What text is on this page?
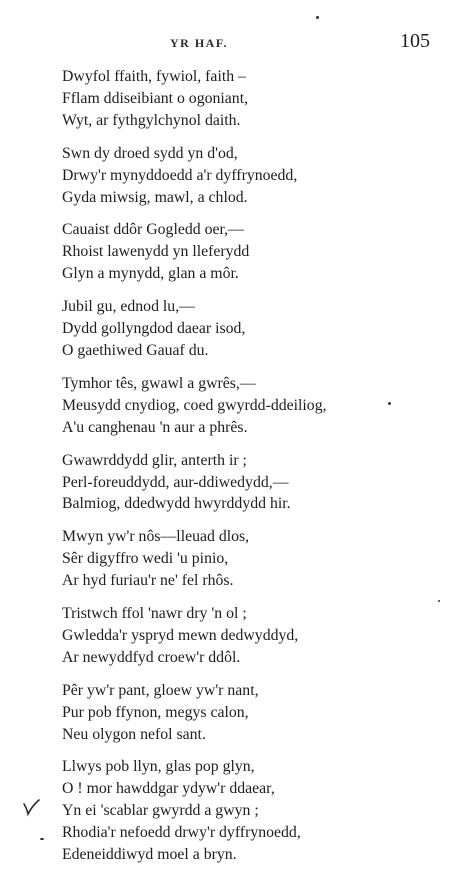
YR HAF.	105
Dwyfol ffaith, fywiol, faith –
Fflam ddiseibiant o ogoniant,
Wyt, ar fythgylchynol daith.
Swn dy droed sydd yn d'od,
Drwy'r mynyddoedd a'r dyffrynoedd,
Gyda miwsig, mawl, a chlod.
Cauaist ddôr Gogledd oer,—
Rhoist lawenydd yn lleferydd
Glyn a mynydd, glan a môr.
Jubil gu, ednod lu,—
Dydd gollyngdod daear isod,
O gaethiwed Gauaf du.
Tymhor tês, gwawl a gwrês,—
Meusydd cnydiog, coed gwyrdd-ddeiliog,
A'u canghenau 'n aur a phrês.
Gwawrddydd glir, anterth ir ;
Perl-foreuddydd, aur-ddiwedydd,—
Balmiog, ddedwydd hwyrddydd hir.
Mwyn yw'r nôs—lleuad dlos,
Sêr digyffro wedi 'u pinio,
Ar hyd furiau'r ne' fel rhôs.
Tristwch ffol 'nawr dry 'n ol ;
Gwledda'r yspryd mewn dedwyddyd,
Ar newyddfyd croew'r ddôl.
Pêr yw'r pant, gloew yw'r nant,
Pur pob ffynon, megys calon,
Neu olygon nefol sant.
Llwys pob llyn, glas pop glyn,
O ! mor hawddgar ydyw'r ddaear,
Yn ei 'scablar gwyrdd a gwyn ;
Rhodia'r nefoedd drwy'r dyffrynoedd,
Edeneiddiwyd moel a bryn.
